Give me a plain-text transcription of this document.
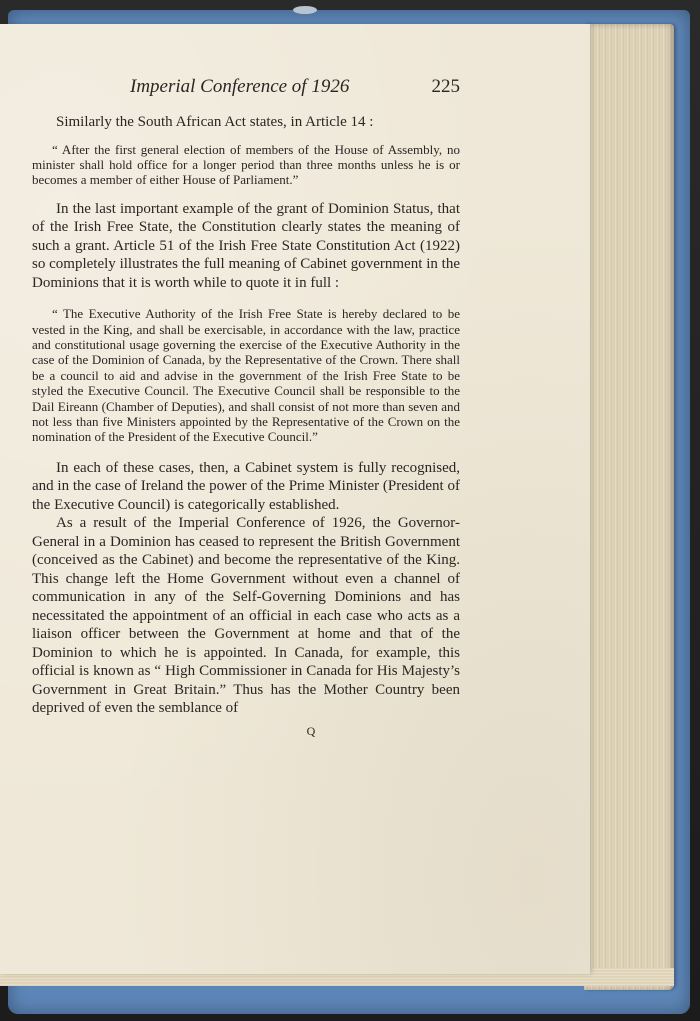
Imperial Conference of 1926	225

Similarly the South African Act states, in Article 14 :

“ After the first general election of members of the House of Assembly, no minister shall hold office for a longer period than three months unless he is or becomes a member of either House of Parliament.”

In the last important example of the grant of Dominion Status, that of the Irish Free State, the Constitution clearly states the meaning of such a grant. Article 51 of the Irish Free State Constitution Act (1922) so completely illustrates the full meaning of Cabinet government in the Dominions that it is worth while to quote it in full :

“ The Executive Authority of the Irish Free State is hereby declared to be vested in the King, and shall be exercisable, in accordance with the law, practice and constitutional usage governing the exercise of the Executive Authority in the case of the Dominion of Canada, by the Representative of the Crown. There shall be a council to aid and advise in the government of the Irish Free State to be styled the Executive Council. The Executive Council shall be responsible to the Dail Eireann (Chamber of Deputies), and shall consist of not more than seven and not less than five Ministers appointed by the Representative of the Crown on the nomination of the President of the Executive Council.”

In each of these cases, then, a Cabinet system is fully recognised, and in the case of Ireland the power of the Prime Minister (President of the Executive Council) is categorically established.

As a result of the Imperial Conference of 1926, the Governor-General in a Dominion has ceased to represent the British Government (conceived as the Cabinet) and become the representative of the King. This change left the Home Government without even a channel of communication in any of the Self-Governing Dominions and has necessitated the appointment of an official in each case who acts as a liaison officer between the Government at home and that of the Dominion to which he is appointed. In Canada, for example, this official is known as “ High Commissioner in Canada for His Majesty’s Government in Great Britain.” Thus has the Mother Country been deprived of even the semblance of

Q
